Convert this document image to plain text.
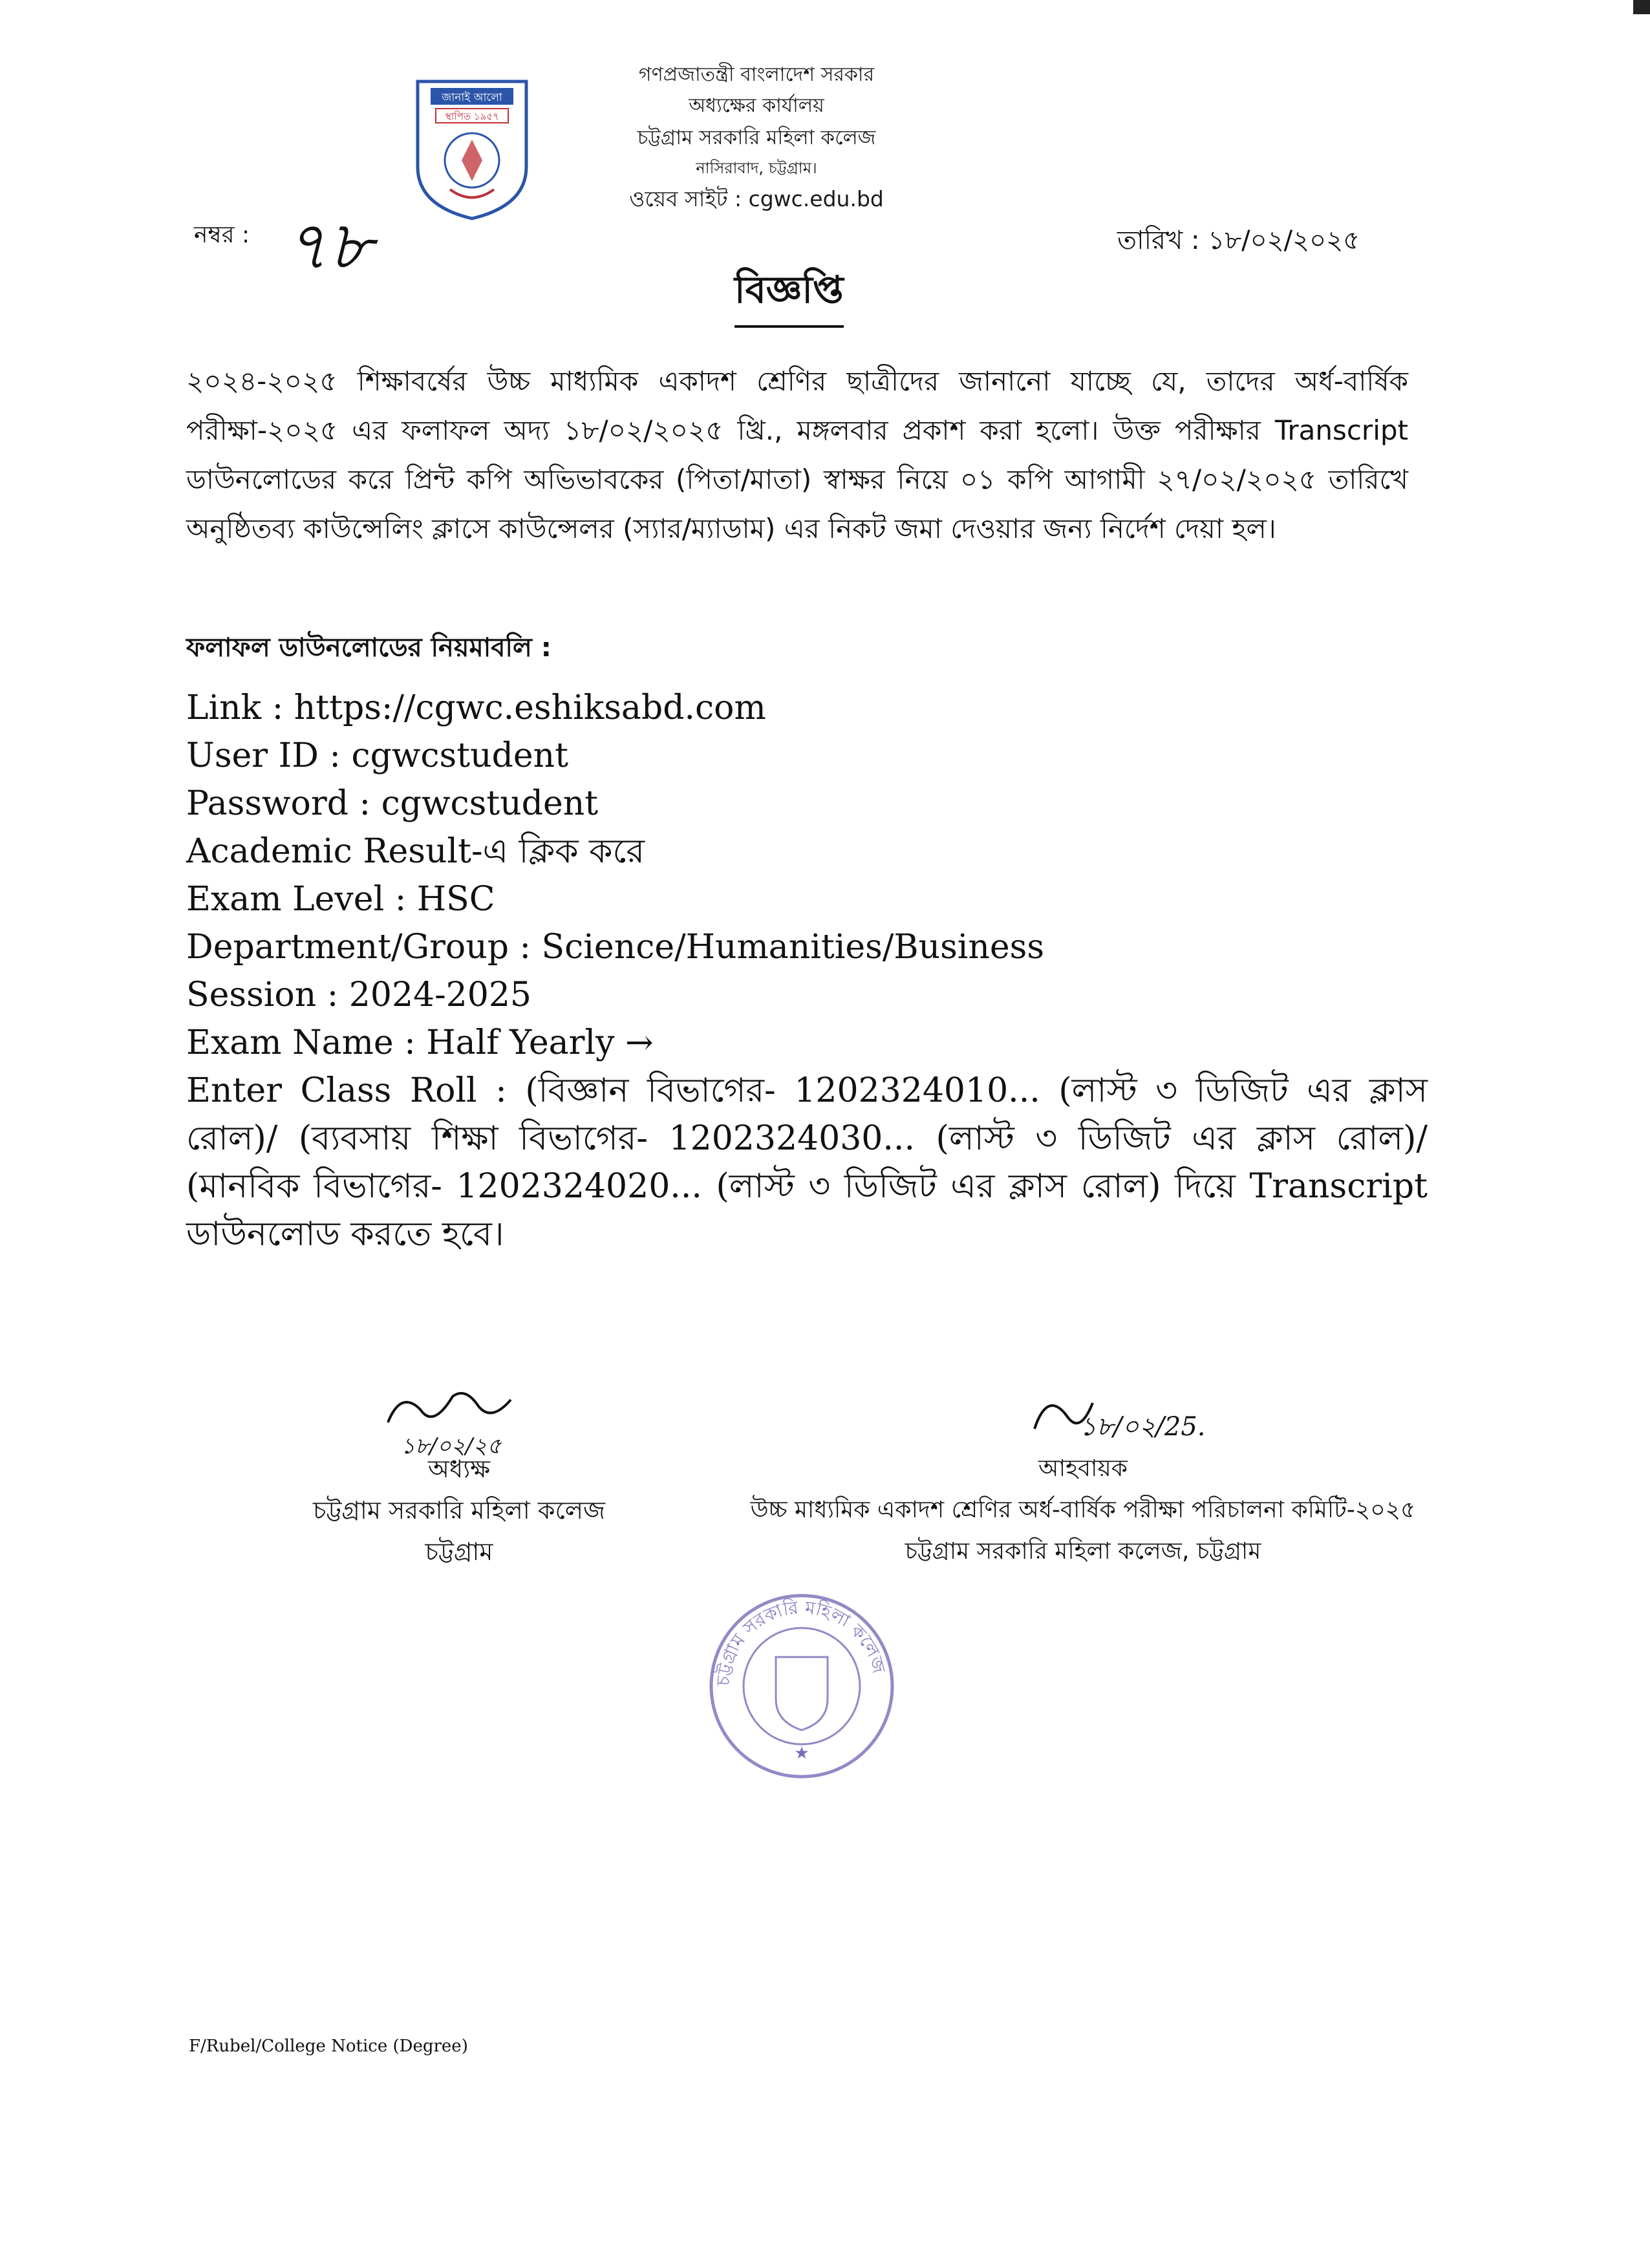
জানাই আলো
স্থাপিত ১৯৫৭
গণপ্রজাতন্ত্রী বাংলাদেশ সরকার
অধ্যক্ষের কার্যালয়
চট্টগ্রাম সরকারি মহিলা কলেজ
নাসিরাবাদ, চট্টগ্রাম।
ওয়েব সাইট : cgwc.edu.bd
নম্বর : ৭৮	তারিখ : ১৮/০২/২০২৫
বিজ্ঞপ্তি
২০২৪-২০২৫ শিক্ষাবর্ষের উচ্চ মাধ্যমিক একাদশ শ্রেণির ছাত্রীদের জানানো যাচ্ছে যে, তাদের অর্ধ-বার্ষিক পরীক্ষা-২০২৫ এর ফলাফল অদ্য ১৮/০২/২০২৫ খ্রি., মঙ্গলবার প্রকাশ করা হলো। উক্ত পরীক্ষার Transcript ডাউনলোডের করে প্রিন্ট কপি অভিভাবকের (পিতা/মাতা) স্বাক্ষর নিয়ে ০১ কপি আগামী ২৭/০২/২০২৫ তারিখে অনুষ্ঠিতব্য কাউন্সেলিং ক্লাসে কাউন্সেলর (স্যার/ম্যাডাম) এর নিকট জমা দেওয়ার জন্য নির্দেশ দেয়া হল।
ফলাফল ডাউনলোডের নিয়মাবলি :
Link : https://cgwc.eshiksabd.com
User ID : cgwcstudent
Password : cgwcstudent
Academic Result-এ ক্লিক করে
Exam Level : HSC
Department/Group : Science/Humanities/Business
Session : 2024-2025
Exam Name : Half Yearly →
Enter Class Roll : (বিজ্ঞান বিভাগের- 1202324010... (লাস্ট ৩ ডিজিট এর ক্লাস রোল)/ (ব্যবসায় শিক্ষা বিভাগের- 1202324030... (লাস্ট ৩ ডিজিট এর ক্লাস রোল)/ (মানবিক বিভাগের- 1202324020... (লাস্ট ৩ ডিজিট এর ক্লাস রোল) দিয়ে Transcript ডাউনলোড করতে হবে।
১৮/০২/২৫
১৮/০২/25.
অধ্যক্ষ
চট্টগ্রাম সরকারি মহিলা কলেজ
চট্টগ্রাম
আহবায়ক
উচ্চ মাধ্যমিক একাদশ শ্রেণির অর্ধ-বার্ষিক পরীক্ষা পরিচালনা কমিটি-২০২৫
চট্টগ্রাম সরকারি মহিলা কলেজ, চট্টগ্রাম
চট্টগ্রাম সরকারি মহিলা কলেজ
★
F/Rubel/College Notice (Degree)
